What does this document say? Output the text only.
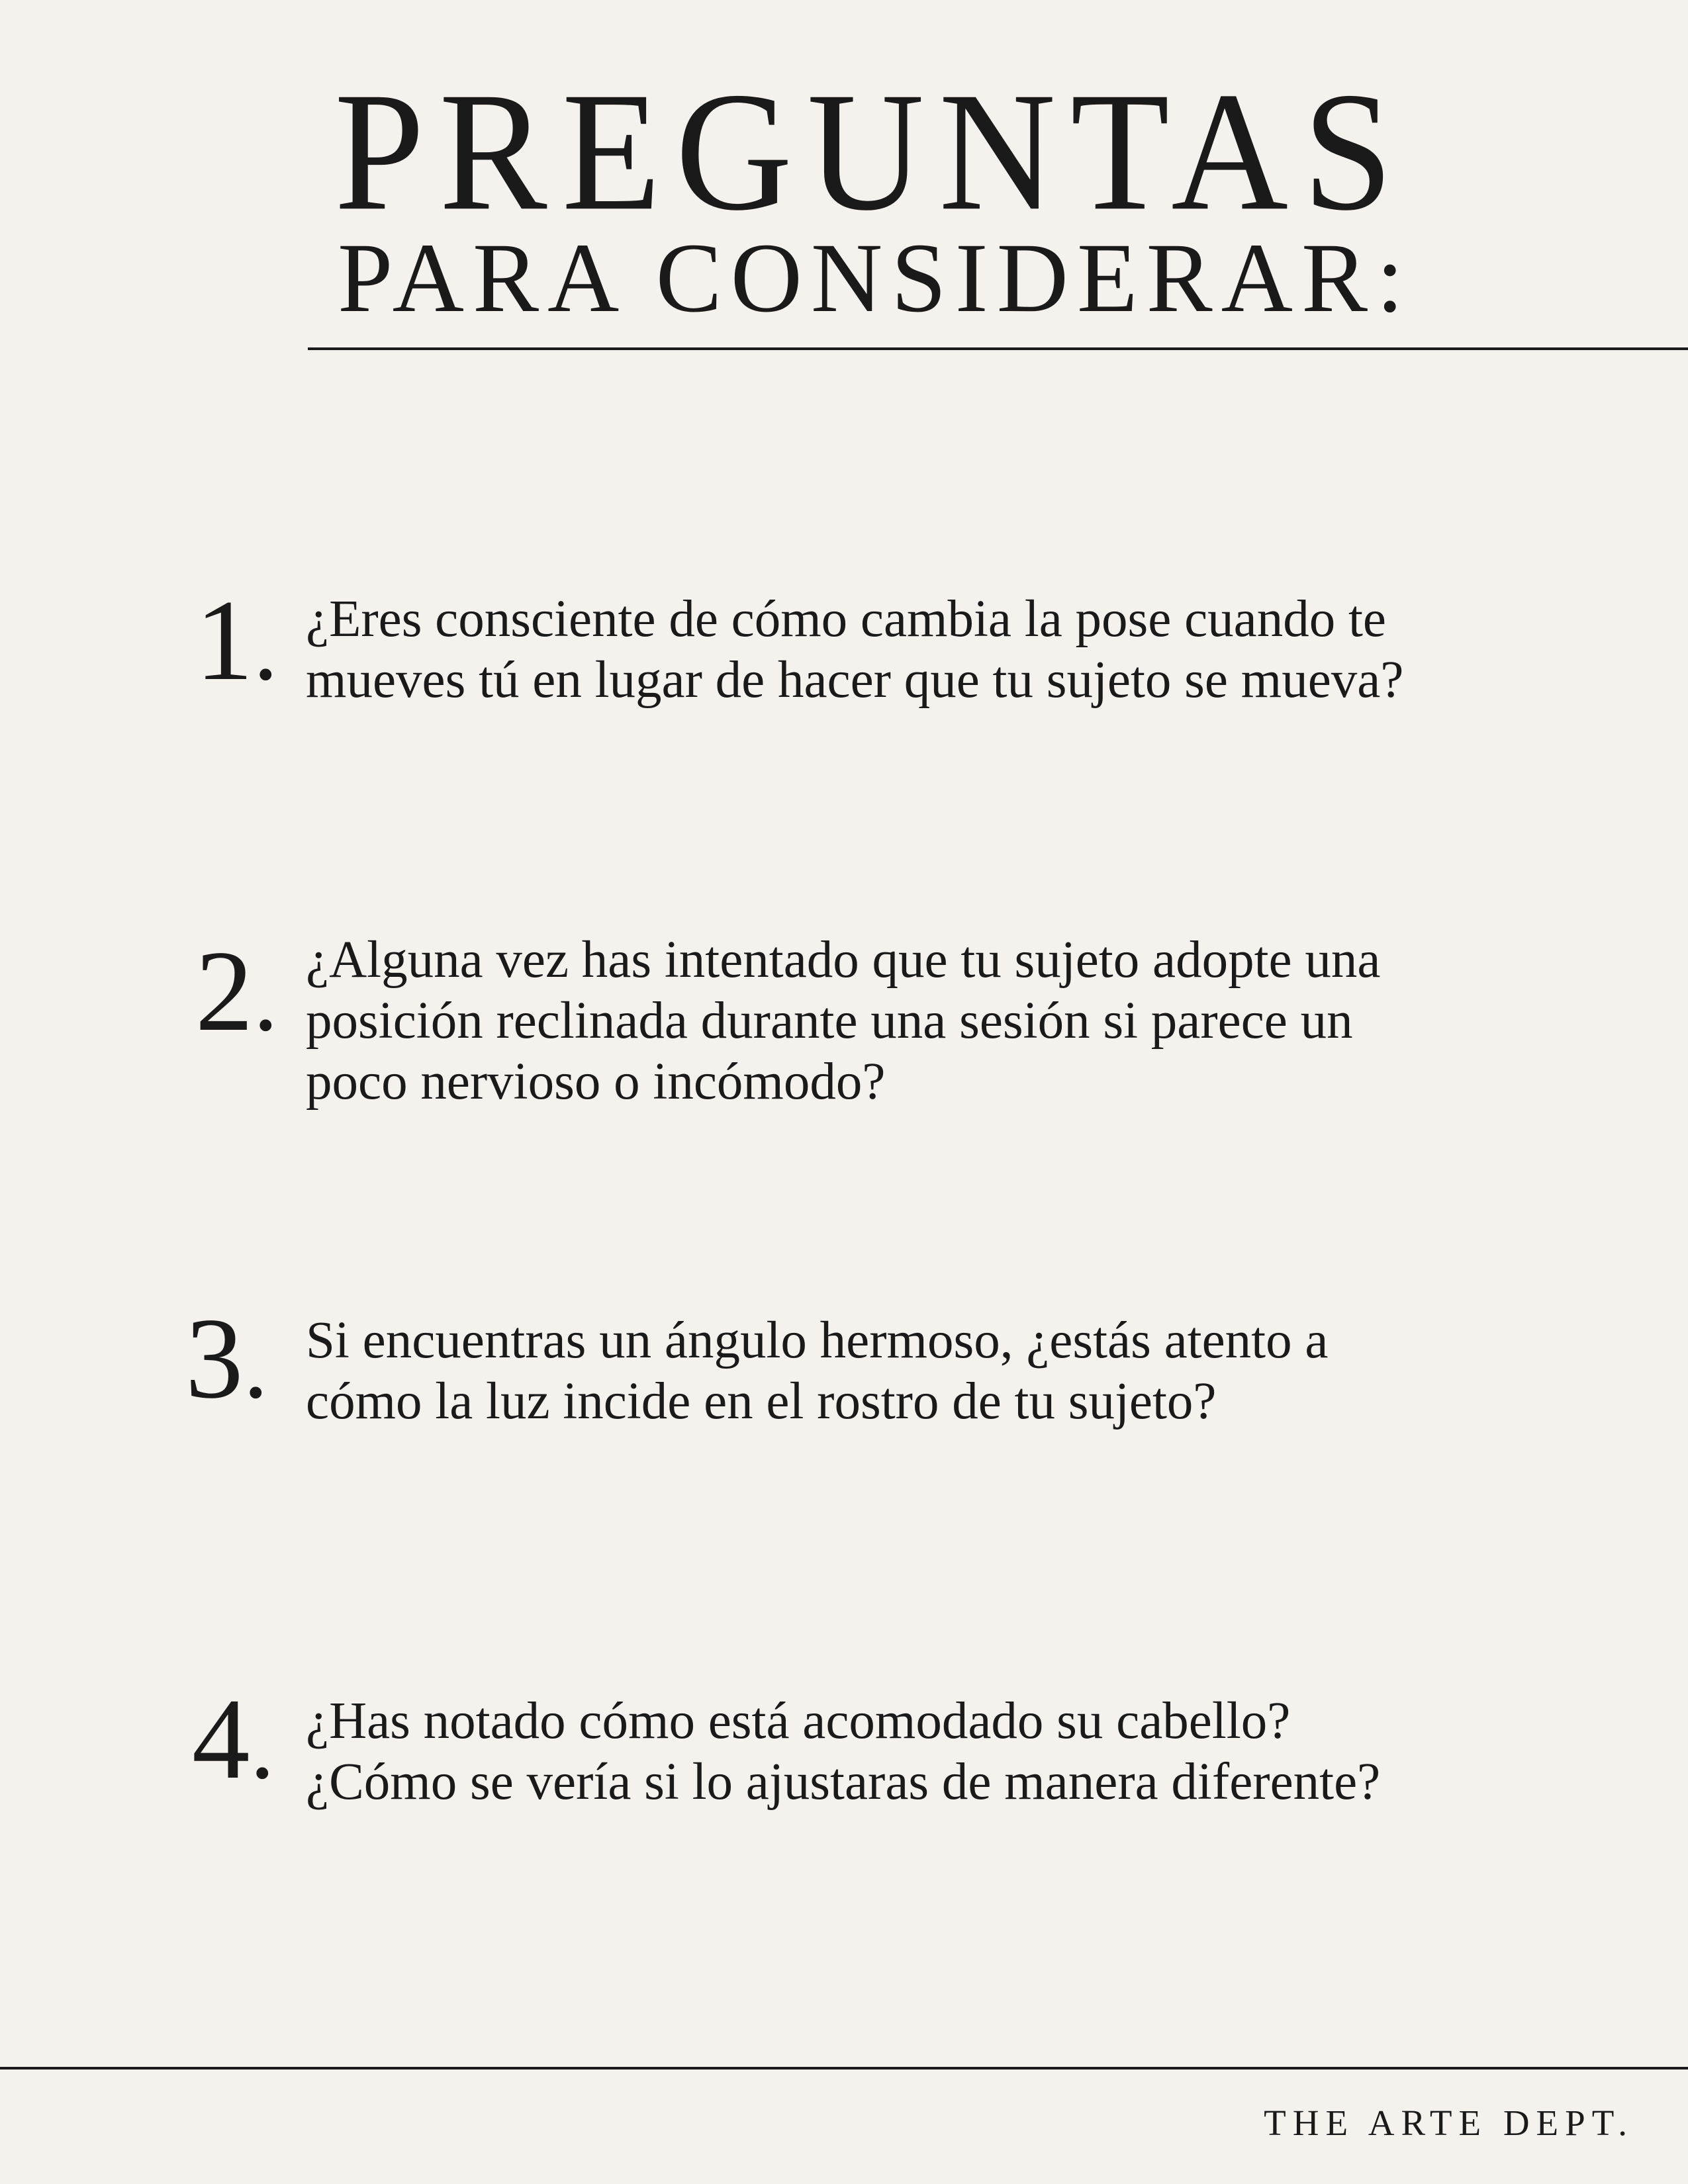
PREGUNTAS
PARA CONSIDERAR:
1. ¿Eres consciente de cómo cambia la pose cuando te
mueves tú en lugar de hacer que tu sujeto se mueva?
2. ¿Alguna vez has intentado que tu sujeto adopte una
posición reclinada durante una sesión si parece un
poco nervioso o incómodo?
3. Si encuentras un ángulo hermoso, ¿estás atento a
cómo la luz incide en el rostro de tu sujeto?
4. ¿Has notado cómo está acomodado su cabello?
¿Cómo se vería si lo ajustaras de manera diferente?
THE ARTE DEPT.
